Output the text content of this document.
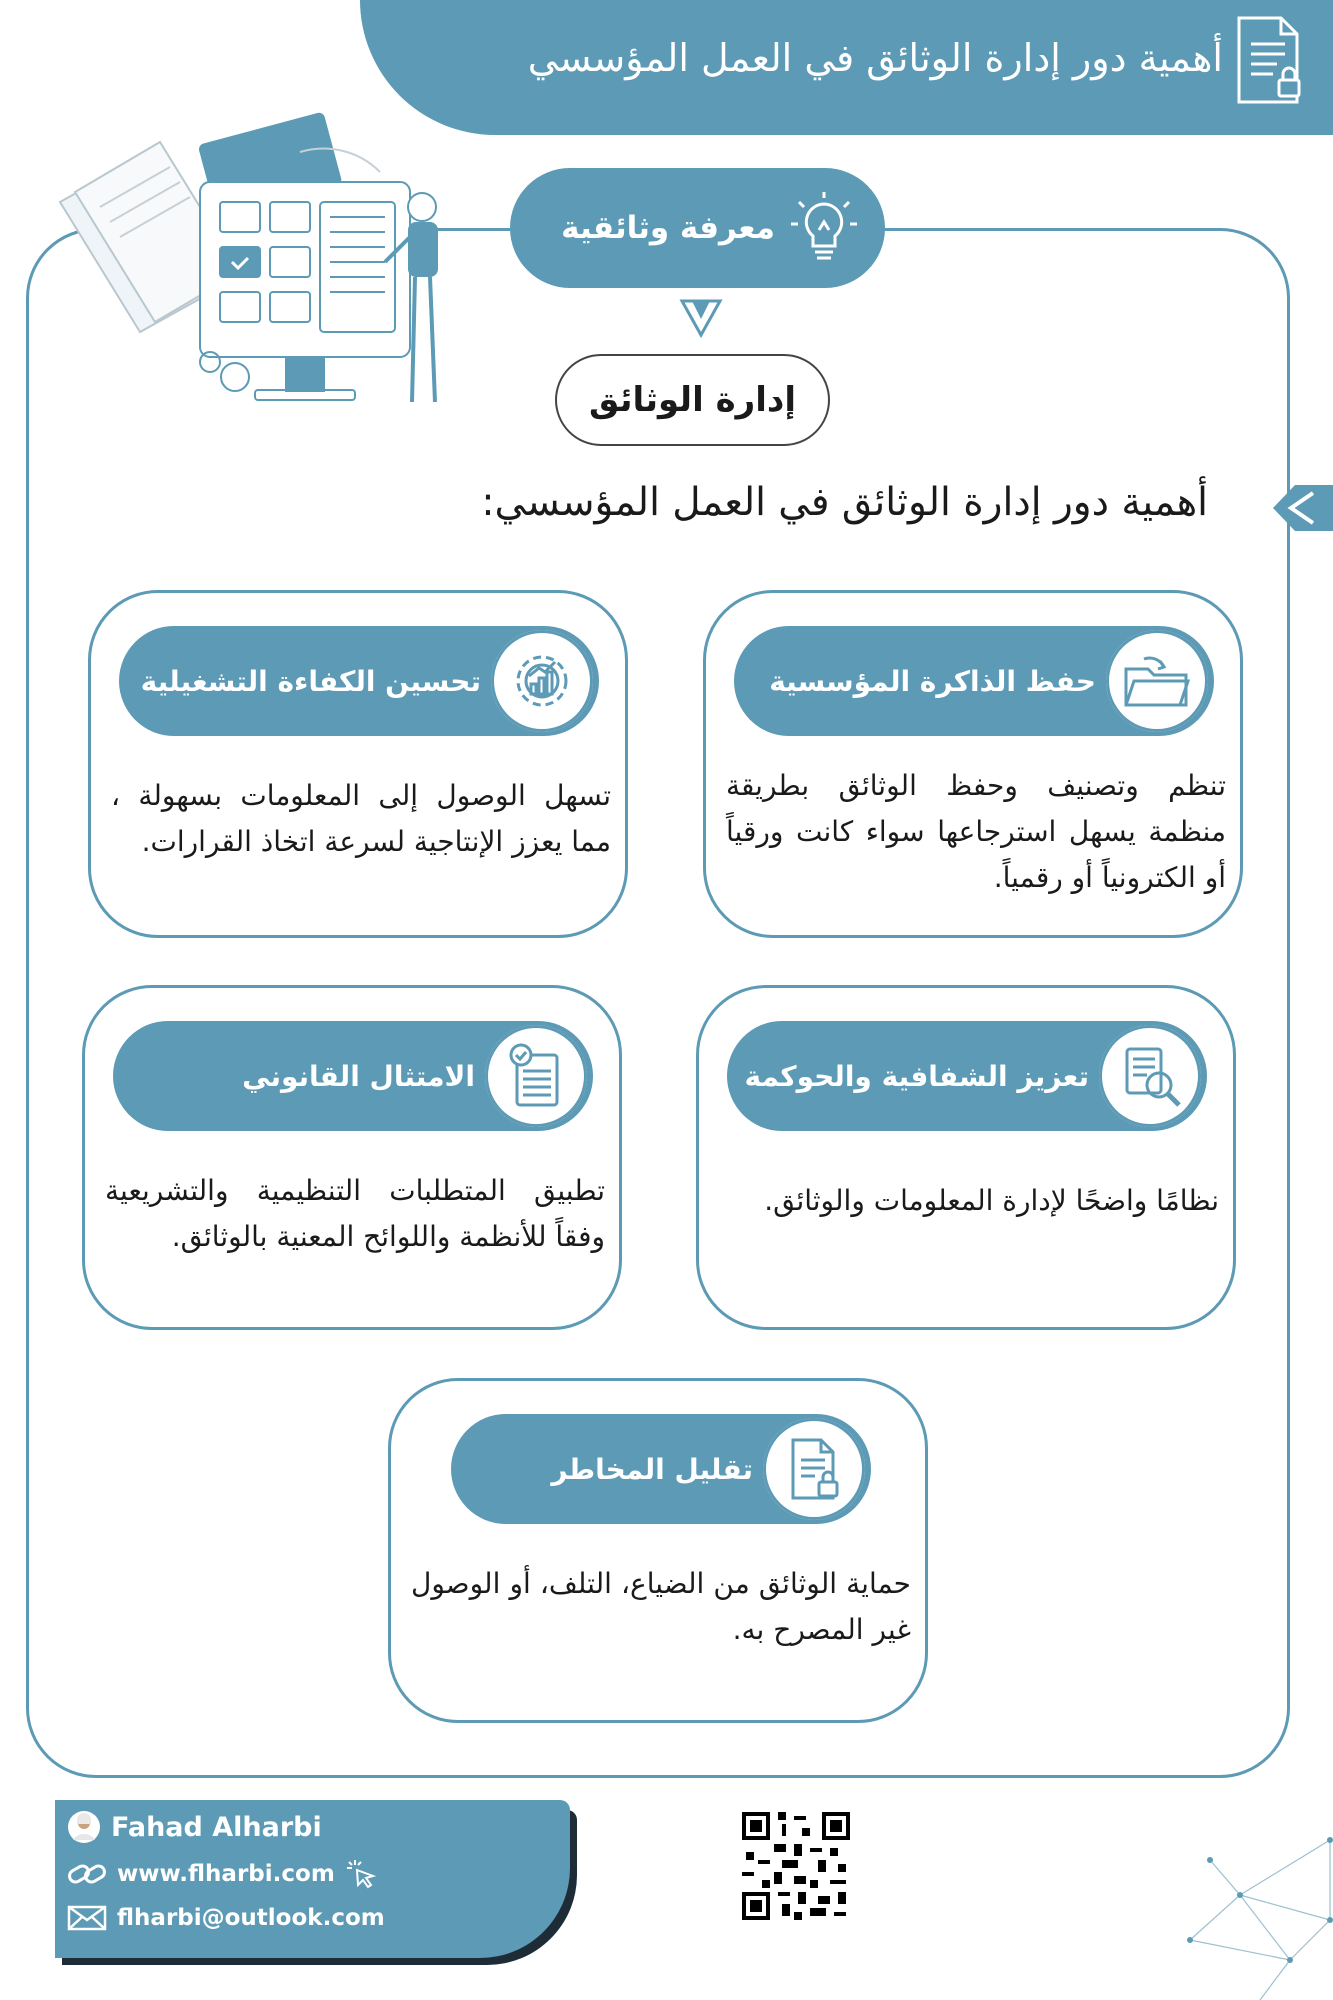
أهمية دور إدارة الوثائق في العمل المؤسسي
معرفة وثائقية
إدارة الوثائق
أهمية دور إدارة الوثائق في العمل المؤسسي:
حفظ الذاكرة المؤسسية
تنظم وتصنيف وحفظ الوثائق بطريقة منظمة يسهل استرجاعها سواء كانت ورقياً أو الكترونياً أو رقمياً.
تحسين الكفاءة التشغيلية
تسهل الوصول إلى المعلومات بسهولة ، مما يعزز الإنتاجية لسرعة اتخاذ القرارات.
تعزيز الشفافية والحوكمة
نظامًا واضحًا لإدارة المعلومات والوثائق.
الامتثال القانوني
تطبيق المتطلبات التنظيمية والتشريعية وفقاً للأنظمة واللوائح المعنية بالوثائق.
تقليل المخاطر
حماية الوثائق من الضياع، التلف، أو الوصول غير المصرح به.
Fahad Alharbi
www.flharbi.com
flharbi@outlook.com
